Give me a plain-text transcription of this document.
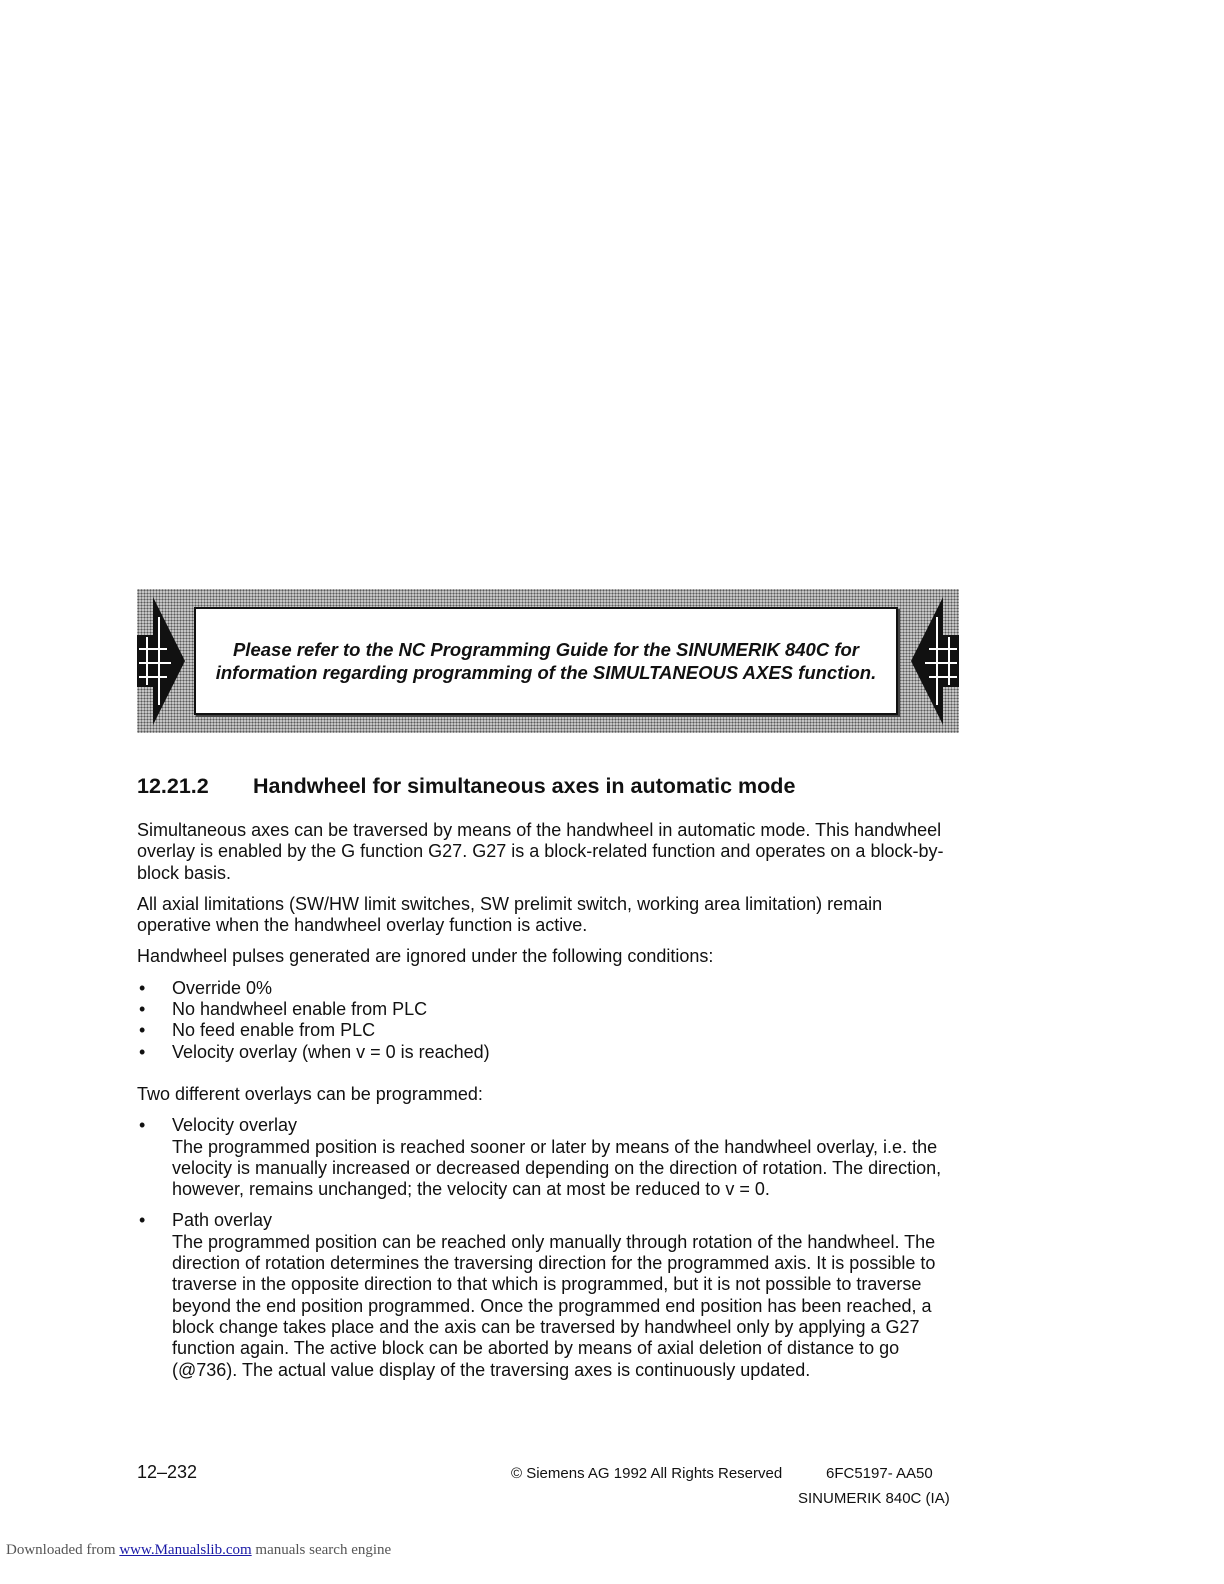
Please refer to the NC Programming Guide for the SINUMERIK 840C for information regarding programming of the SIMULTANEOUS AXES function.

12.21.2 Handwheel for simultaneous axes in automatic mode

Simultaneous axes can be traversed by means of the handwheel in automatic mode. This handwheel overlay is enabled by the G function G27. G27 is a block-related function and operates on a block-by-block basis.

All axial limitations (SW/HW limit switches, SW prelimit switch, working area limitation) remain operative when the handwheel overlay function is active.

Handwheel pulses generated are ignored under the following conditions:

• Override 0%
• No handwheel enable from PLC
• No feed enable from PLC
• Velocity overlay (when v = 0 is reached)

Two different overlays can be programmed:

• Velocity overlay
The programmed position is reached sooner or later by means of the handwheel overlay, i.e. the velocity is manually increased or decreased depending on the direction of rotation. The direction, however, remains unchanged; the velocity can at most be reduced to v = 0.
• Path overlay
The programmed position can be reached only manually through rotation of the handwheel. The direction of rotation determines the traversing direction for the programmed axis. It is possible to traverse in the opposite direction to that which is programmed, but it is not possible to traverse beyond the end position programmed. Once the programmed end position has been reached, a block change takes place and the axis can be traversed by handwheel only by applying a G27 function again. The active block can be aborted by means of axial deletion of distance to go (@736). The actual value display of the traversing axes is continuously updated.
12–232	© Siemens AG 1992 All Rights Reserved	6FC5197- AA50
SINUMERIK 840C (IA)
Downloaded from www.Manualslib.com manuals search engine
